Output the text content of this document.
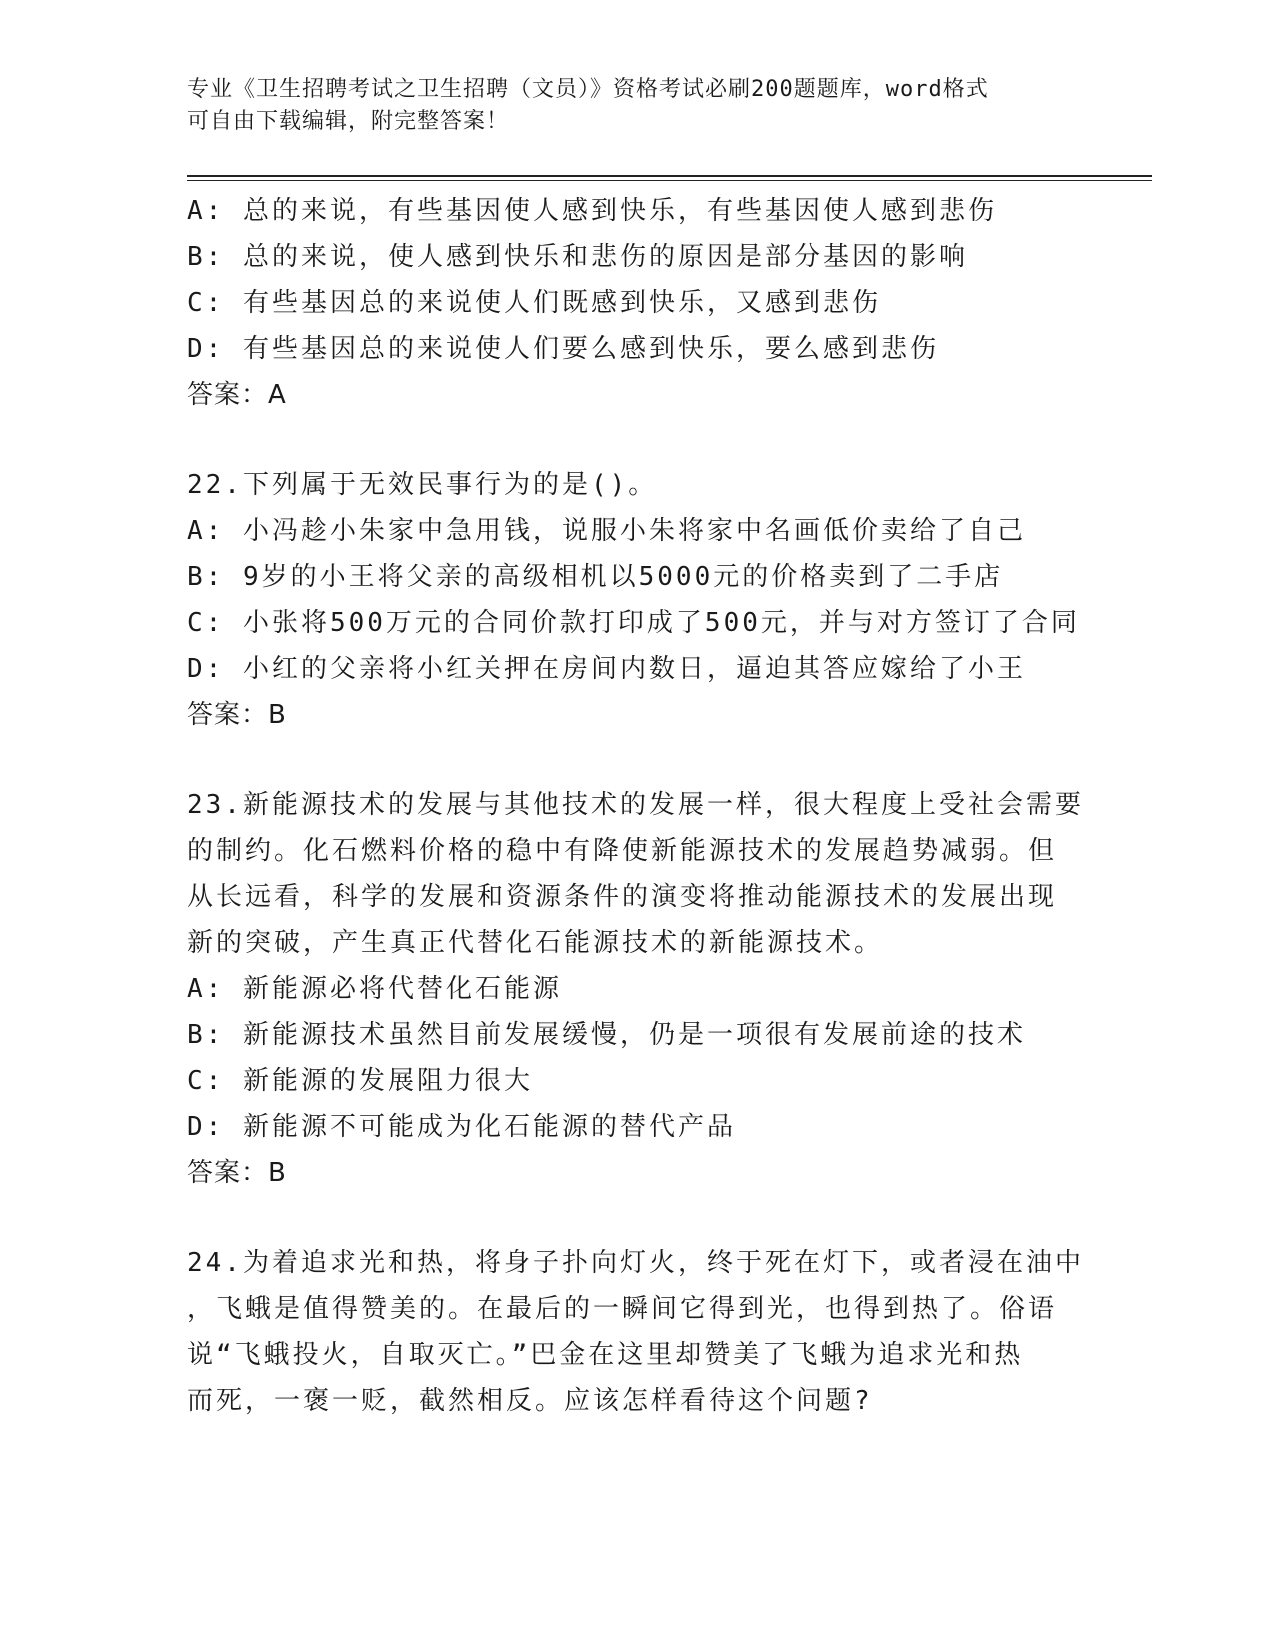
专业《卫生招聘考试之卫生招聘（文员）》资格考试必刷200题题库，word格式
可自由下载编辑，附完整答案！
A: 总的来说，有些基因使人感到快乐，有些基因使人感到悲伤
B: 总的来说，使人感到快乐和悲伤的原因是部分基因的影响
C: 有些基因总的来说使人们既感到快乐，又感到悲伤
D: 有些基因总的来说使人们要么感到快乐，要么感到悲伤
答案：A
22.下列属于无效民事行为的是()。
A: 小冯趁小朱家中急用钱，说服小朱将家中名画低价卖给了自己
B: 9岁的小王将父亲的高级相机以5000元的价格卖到了二手店
C: 小张将500万元的合同价款打印成了500元，并与对方签订了合同
D: 小红的父亲将小红关押在房间内数日，逼迫其答应嫁给了小王
答案：B
23.新能源技术的发展与其他技术的发展一样，很大程度上受社会需要
的制约。化石燃料价格的稳中有降使新能源技术的发展趋势减弱。但
从长远看，科学的发展和资源条件的演变将推动能源技术的发展出现
新的突破，产生真正代替化石能源技术的新能源技术。
A: 新能源必将代替化石能源
B: 新能源技术虽然目前发展缓慢，仍是一项很有发展前途的技术
C: 新能源的发展阻力很大
D: 新能源不可能成为化石能源的替代产品
答案：B
24.为着追求光和热，将身子扑向灯火，终于死在灯下，或者浸在油中
，飞蛾是值得赞美的。在最后的一瞬间它得到光，也得到热了。俗语
说“飞蛾投火，自取灭亡。”巴金在这里却赞美了飞蛾为追求光和热
而死，一褒一贬，截然相反。应该怎样看待这个问题?
